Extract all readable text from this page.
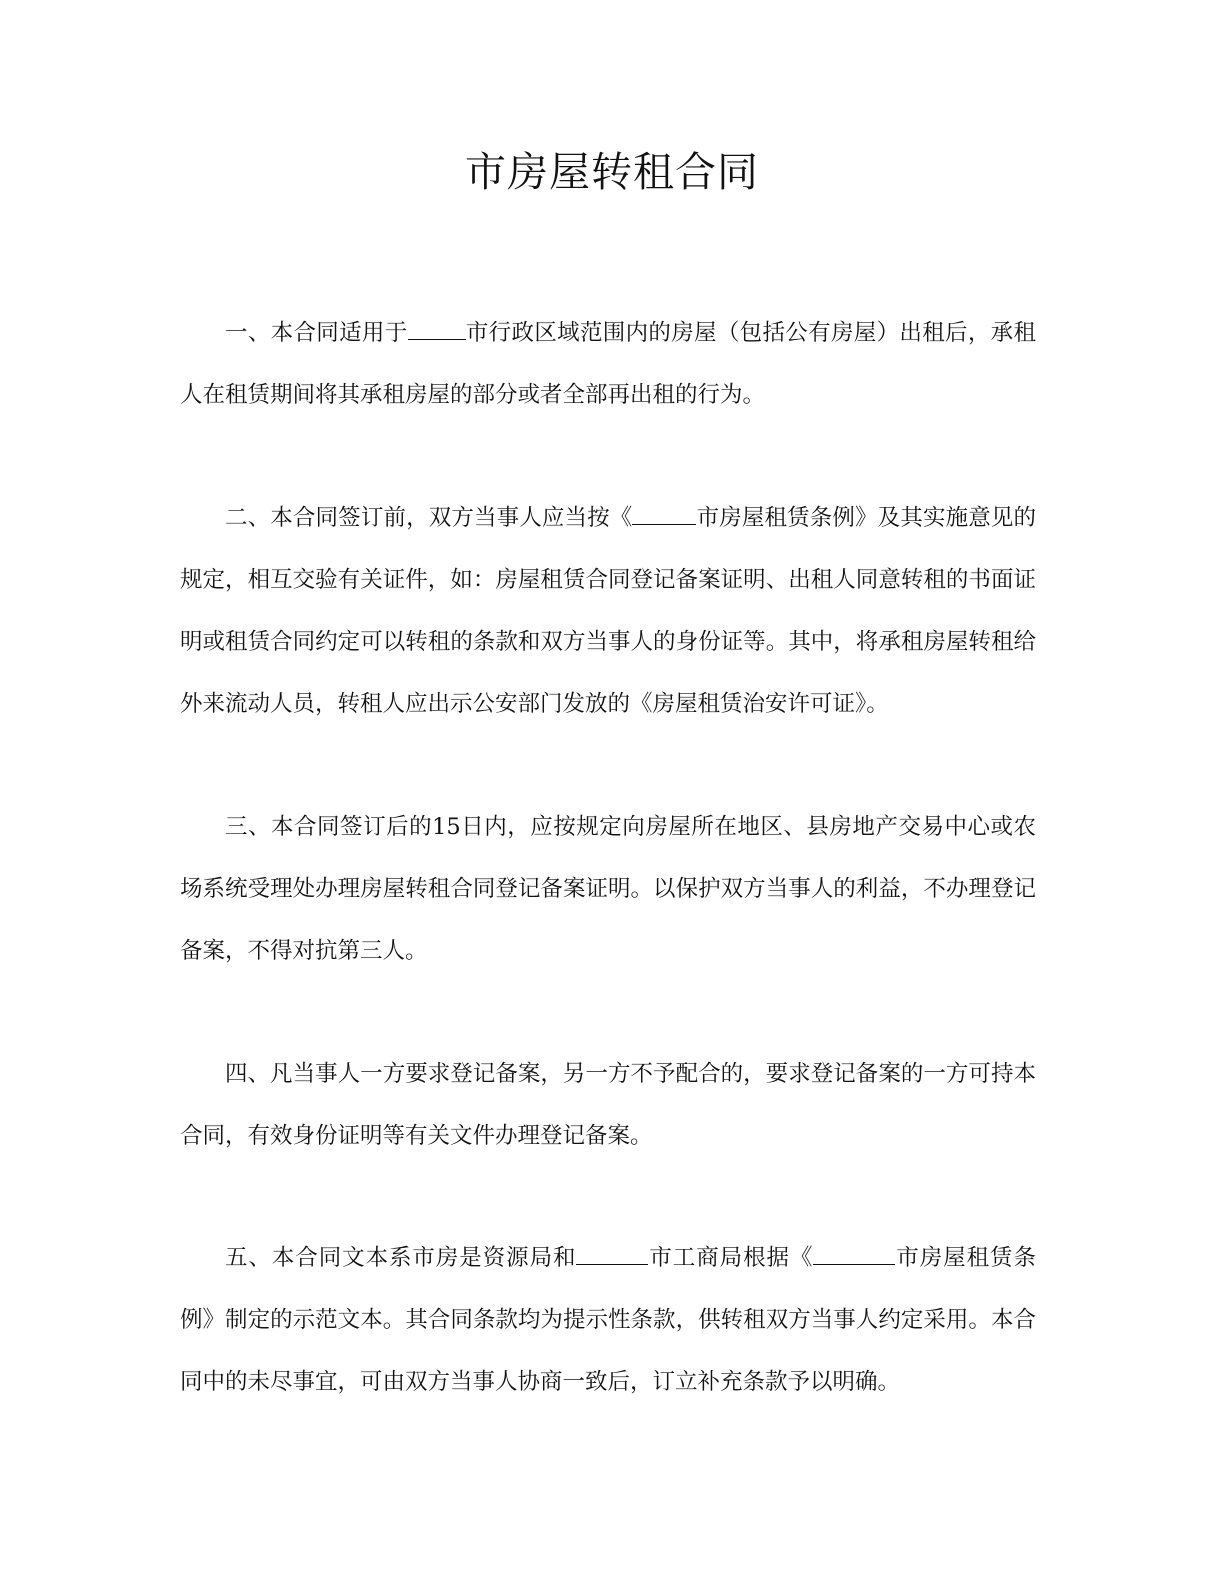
市房屋转租合同

一、本合同适用于	市行政区域范围内的房屋（包括公有房屋）出租后，承租人在租赁期间将其承租房屋的部分或者全部再出租的行为。

二、本合同签订前，双方当事人应当按《	市房屋租赁条例》及其实施意见的规定，相互交验有关证件，如：房屋租赁合同登记备案证明、出租人同意转租的书面证明或租赁合同约定可以转租的条款和双方当事人的身份证等。其中，将承租房屋转租给外来流动人员，转租人应出示公安部门发放的《房屋租赁治安许可证》。

三、本合同签订后的15日内，应按规定向房屋所在地区、县房地产交易中心或农场系统受理处办理房屋转租合同登记备案证明。以保护双方当事人的利益，不办理登记备案，不得对抗第三人。

四、凡当事人一方要求登记备案，另一方不予配合的，要求登记备案的一方可持本合同，有效身份证明等有关文件办理登记备案。

五、本合同文本系市房是资源局和	市工商局根据《	市房屋租赁条例》制定的示范文本。其合同条款均为提示性条款，供转租双方当事人约定采用。本合同中的未尽事宜，可由双方当事人协商一致后，订立补充条款予以明确。
